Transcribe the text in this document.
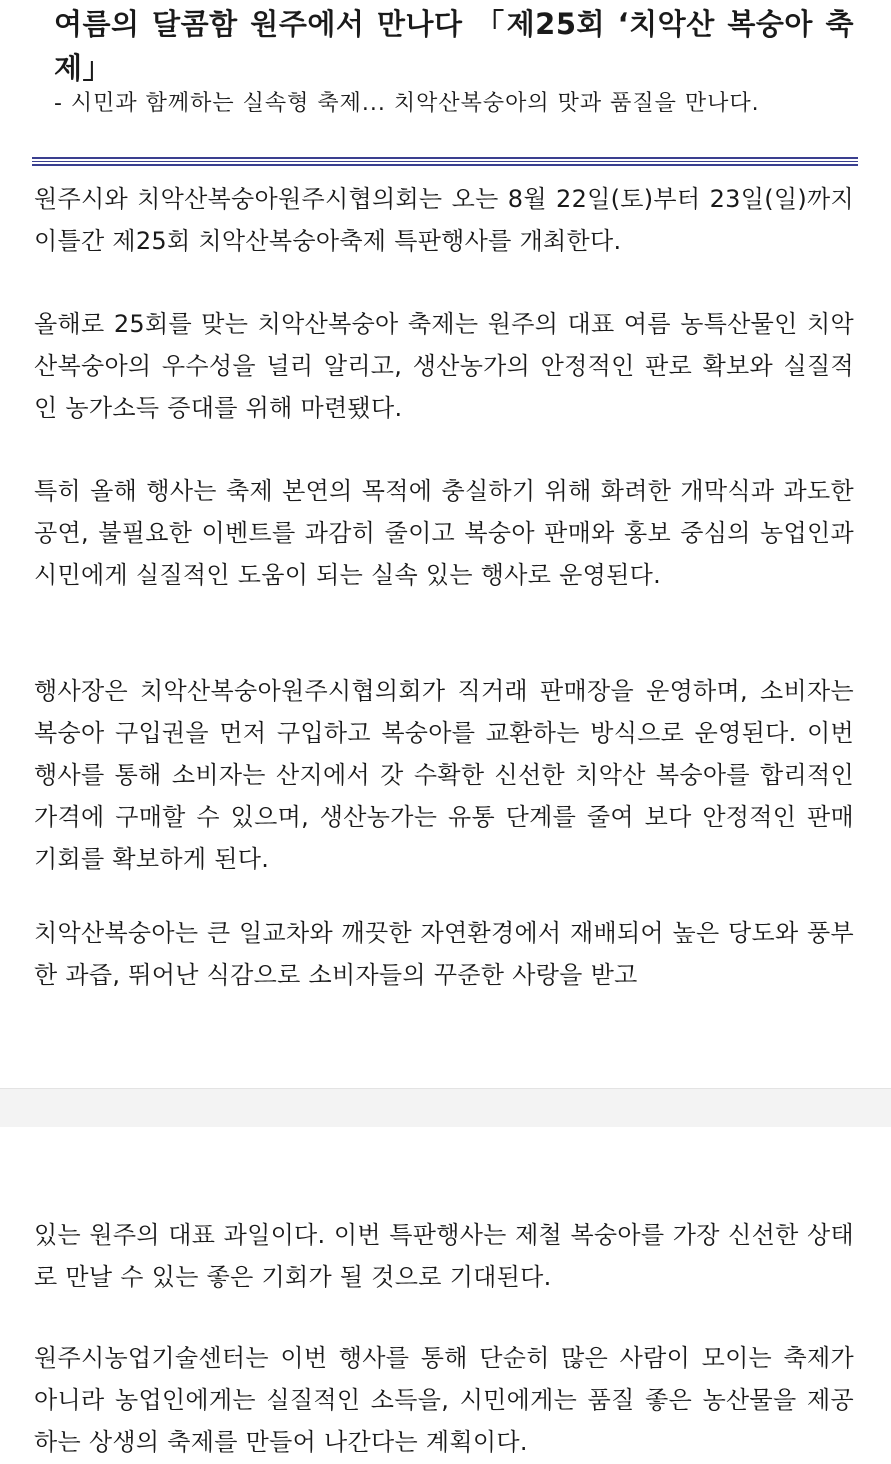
여름의 달콤함 원주에서 만나다 「제25회 ‘치악산 복숭아 축제」

- 시민과 함께하는 실속형 축제... 치악산복숭아의 맛과 품질을 만나다.

원주시와 치악산복숭아원주시협의회는 오는 8월 22일(토)부터 23일(일)까지 이틀간 제25회 치악산복숭아축제 특판행사를 개최한다.

올해로 25회를 맞는 치악산복숭아 축제는 원주의 대표 여름 농특산물인 치악산복숭아의 우수성을 널리 알리고, 생산농가의 안정적인 판로 확보와 실질적인 농가소득 증대를 위해 마련됐다.

특히 올해 행사는 축제 본연의 목적에 충실하기 위해 화려한 개막식과 과도한 공연, 불필요한 이벤트를 과감히 줄이고 복숭아 판매와 홍보 중심의 농업인과 시민에게 실질적인 도움이 되는 실속 있는 행사로 운영된다.

행사장은 치악산복숭아원주시협의회가 직거래 판매장을 운영하며, 소비자는 복숭아 구입권을 먼저 구입하고 복숭아를 교환하는 방식으로 운영된다. 이번 행사를 통해 소비자는 산지에서 갓 수확한 신선한 치악산 복숭아를 합리적인 가격에 구매할 수 있으며, 생산농가는 유통 단계를 줄여 보다 안정적인 판매 기회를 확보하게 된다.

치악산복숭아는 큰 일교차와 깨끗한 자연환경에서 재배되어 높은 당도와 풍부한 과즙, 뛰어난 식감으로 소비자들의 꾸준한 사랑을 받고

있는 원주의 대표 과일이다. 이번 특판행사는 제철 복숭아를 가장 신선한 상태로 만날 수 있는 좋은 기회가 될 것으로 기대된다.

원주시농업기술센터는 이번 행사를 통해 단순히 많은 사람이 모이는 축제가 아니라 농업인에게는 실질적인 소득을, 시민에게는 품질 좋은 농산물을 제공하는 상생의 축제를 만들어 나간다는 계획이다.
